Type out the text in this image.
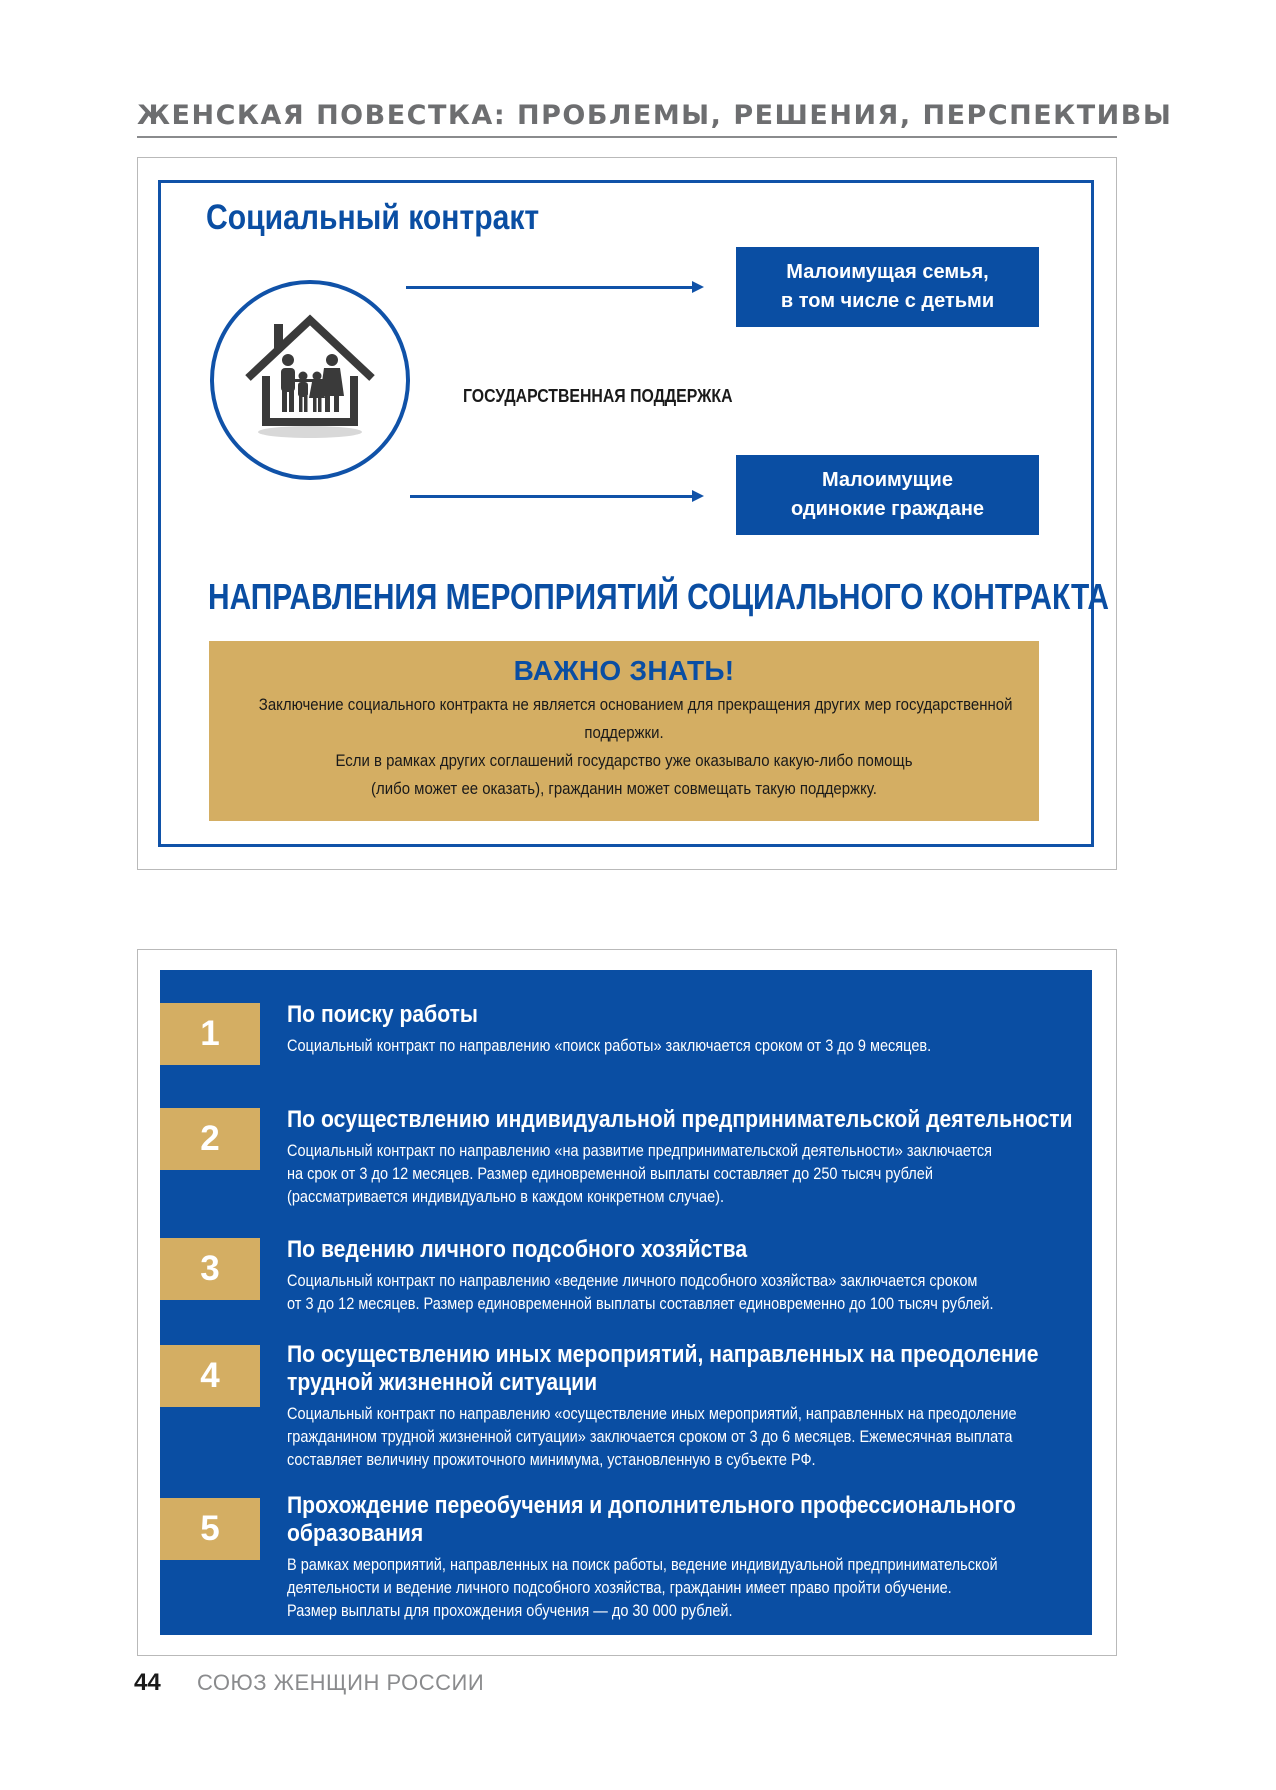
ЖЕНСКАЯ ПОВЕСТКА: ПРОБЛЕМЫ, РЕШЕНИЯ, ПЕРСПЕКТИВЫ
Социальный контракт
ГОСУДАРСТВЕННАЯ ПОДДЕРЖКА
Малоимущая семья,
в том числе с детьми
Малоимущие
одинокие граждане
НАПРАВЛЕНИЯ МЕРОПРИЯТИЙ СОЦИАЛЬНОГО КОНТРАКТА
ВАЖНО ЗНАТЬ!
Заключение социального контракта не является основанием для прекращения других мер государственной
поддержки.
Если в рамках других соглашений государство уже оказывало какую-либо помощь
(либо может ее оказать), гражданин может совмещать такую поддержку.
1	По поиску работы
Социальный контракт по направлению «поиск работы» заключается сроком от 3 до 9 месяцев.
2	По осуществлению индивидуальной предпринимательской деятельности
Социальный контракт по направлению «на развитие предпринимательской деятельности» заключается
на срок от 3 до 12 месяцев. Размер единовременной выплаты составляет до 250 тысяч рублей
(рассматривается индивидуально в каждом конкретном случае).
3	По ведению личного подсобного хозяйства
Социальный контракт по направлению «ведение личного подсобного хозяйства» заключается сроком
от 3 до 12 месяцев. Размер единовременной выплаты составляет единовременно до 100 тысяч рублей.
4
По осуществлению иных мероприятий, направленных на преодоление
трудной жизненной ситуации
Социальный контракт по направлению «осуществление иных мероприятий, направленных на преодоление
гражданином трудной жизненной ситуации» заключается сроком от 3 до 6 месяцев. Ежемесячная выплата
составляет величину прожиточного минимума, установленную в субъекте РФ.
5
Прохождение переобучения и дополнительного профессионального
образования
В рамках мероприятий, направленных на поиск работы, ведение индивидуальной предпринимательской
деятельности и ведение личного подсобного хозяйства, гражданин имеет право пройти обучение.
Размер выплаты для прохождения обучения — до 30 000 рублей.
44 СОЮЗ ЖЕНЩИН РОССИИ
